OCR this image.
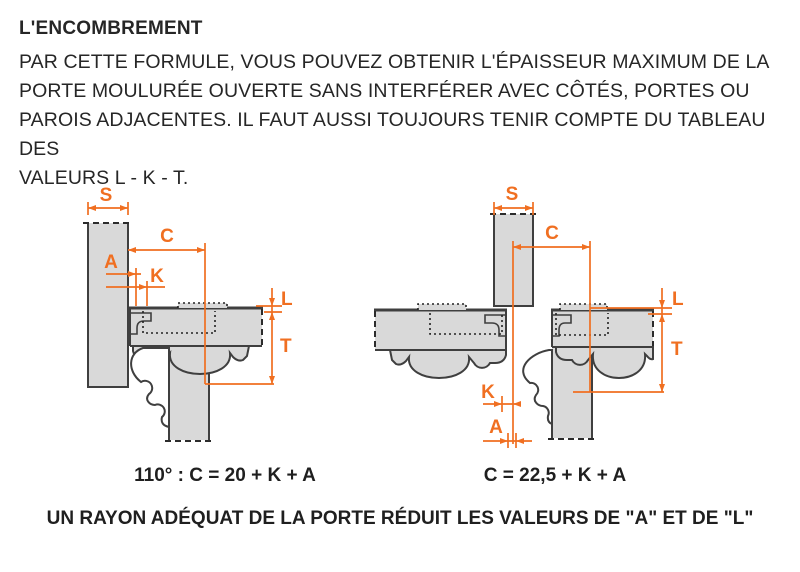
L'ENCOMBREMENT
PAR CETTE FORMULE, VOUS POUVEZ OBTENIR L'ÉPAISSEUR MAXIMUM DE LA
PORTE MOULURÉE OUVERTE SANS INTERFÉRER AVEC CÔTÉS, PORTES OU
PAROIS ADJACENTES. IL FAUT AUSSI TOUJOURS TENIR COMPTE DU TABLEAU DES
VALEURS L - K - T.
S
C
A
K
L
T
S
C
K
A
L
T
110° : C = 20 + K + A	C = 22,5 + K + A
UN RAYON ADÉQUAT DE LA PORTE RÉDUIT LES VALEURS DE "A" ET DE "L"
